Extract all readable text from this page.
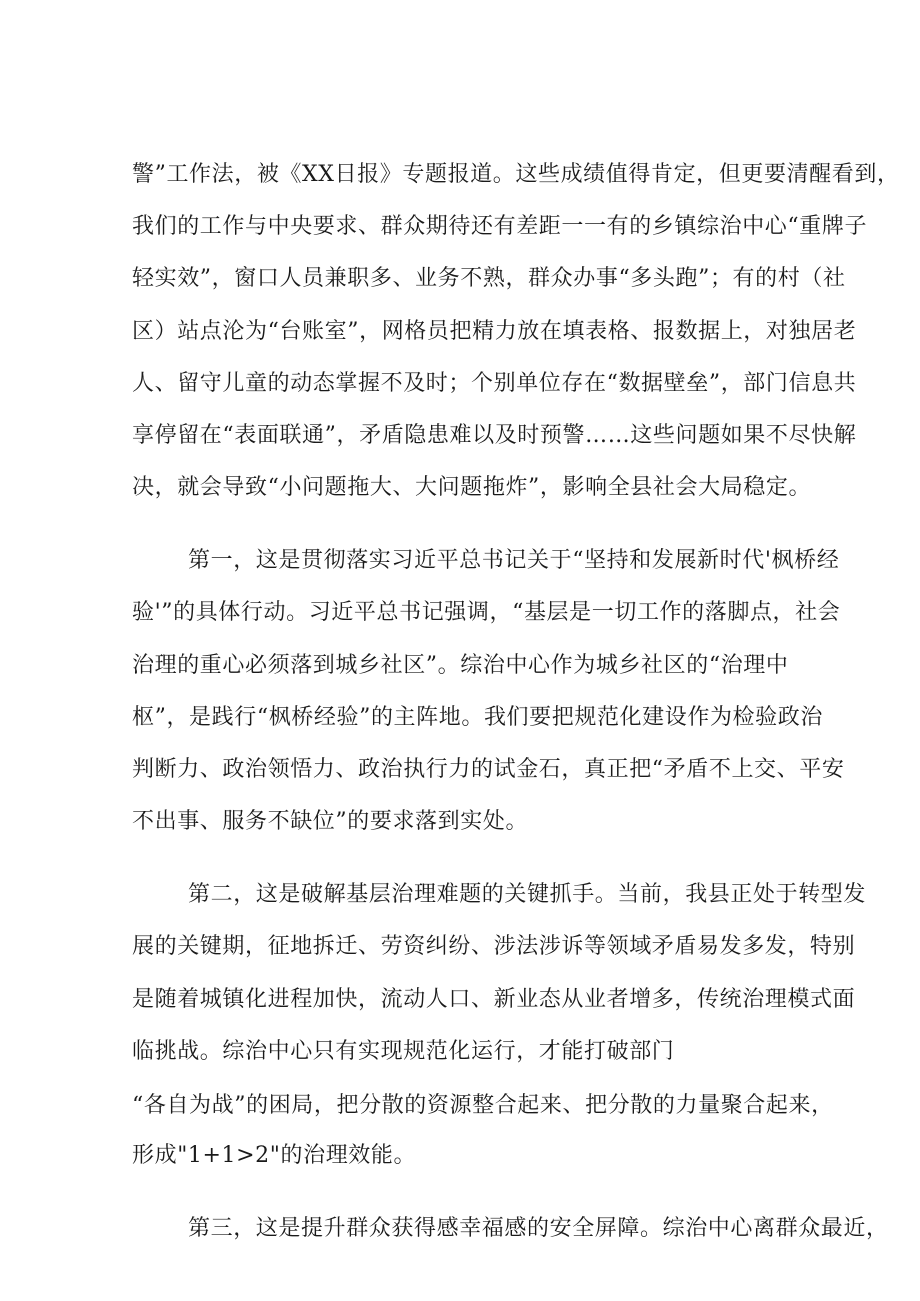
警”工作法，被《XX日报》专题报道。这些成绩值得肯定，但更要清醒看到，
我们的工作与中央要求、群众期待还有差距一一有的乡镇综治中心“重牌子
轻实效”，窗口人员兼职多、业务不熟，群众办事“多头跑”；有的村（社
区）站点沦为“台账室”，网格员把精力放在填表格、报数据上，对独居老
人、留守儿童的动态掌握不及时；个别单位存在“数据壁垒”，部门信息共
享停留在“表面联通”，矛盾隐患难以及时预警……这些问题如果不尽快解
决，就会导致“小问题拖大、大问题拖炸”，影响全县社会大局稳定。
第一，这是贯彻落实习近平总书记关于“坚持和发展新时代'枫桥经
验'”的具体行动。习近平总书记强调，“基层是一切工作的落脚点，社会
治理的重心必须落到城乡社区”。综治中心作为城乡社区的“治理中
枢”，是践行“枫桥经验”的主阵地。我们要把规范化建设作为检验政治
判断力、政治领悟力、政治执行力的试金石，真正把“矛盾不上交、平安
不出事、服务不缺位”的要求落到实处。
第二，这是破解基层治理难题的关键抓手。当前，我县正处于转型发
展的关键期，征地拆迁、劳资纠纷、涉法涉诉等领域矛盾易发多发，特别
是随着城镇化进程加快，流动人口、新业态从业者增多，传统治理模式面
临挑战。综治中心只有实现规范化运行，才能打破部门
“各自为战”的困局，把分散的资源整合起来、把分散的力量聚合起来，
形成"1+1>2"的治理效能。
第三，这是提升群众获得感幸福感的安全屏障。综治中心离群众最近，
